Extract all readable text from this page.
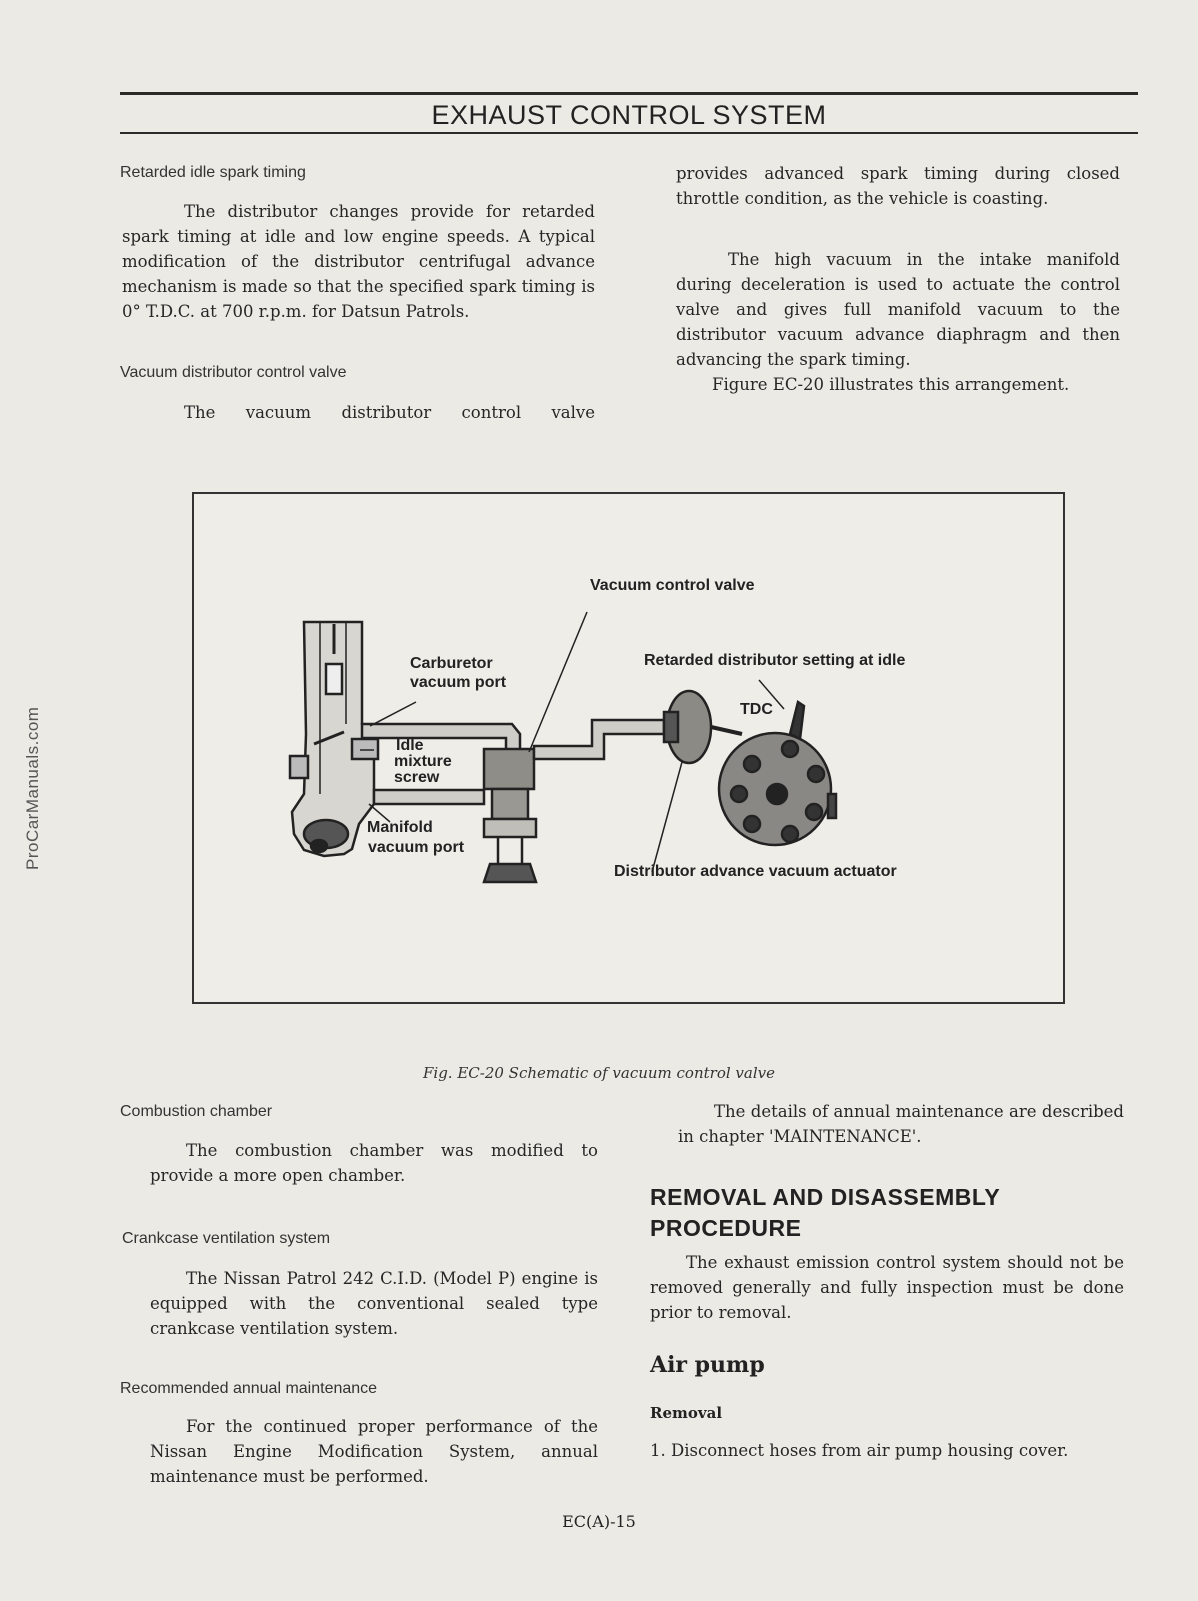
EXHAUST CONTROL SYSTEM
ProCarManuals.com
Retarded idle spark timing

The distributor changes provide for retarded spark timing at idle and low engine speeds. A typical modification of the distributor centrifugal advance mechanism is made so that the specified spark timing is 0° T.D.C. at 700 r.p.m. for Datsun Patrols.

Vacuum distributor control valve

The vacuum distributor control valve

provides advanced spark timing during closed throttle condition, as the vehicle is coasting.

The high vacuum in the intake manifold during deceleration is used to actuate the control valve and gives full manifold vacuum to the distributor vacuum advance diaphragm and then advancing the spark timing.

Figure EC-20 illustrates this arrangement.

Vacuum control valve
Carburetor
vacuum port
Retarded distributor setting at idle
TDC
Idle
mixture
screw
Manifold
vacuum port
Distributor advance vacuum actuator
Fig. EC-20 Schematic of vacuum control valve
Combustion chamber

The combustion chamber was modified to provide a more open chamber.

Crankcase ventilation system

The Nissan Patrol 242 C.I.D. (Model P) engine is equipped with the conventional sealed type crankcase ventilation system.

Recommended annual maintenance

For the continued proper performance of the Nissan Engine Modification System, annual maintenance must be performed.

The details of annual maintenance are described in chapter 'MAINTENANCE'.

REMOVAL AND DISASSEMBLY PROCEDURE

The exhaust emission control system should not be removed generally and fully inspection must be done prior to removal.

Air pump
Removal

1. Disconnect hoses from air pump housing cover.

EC(A)-15
